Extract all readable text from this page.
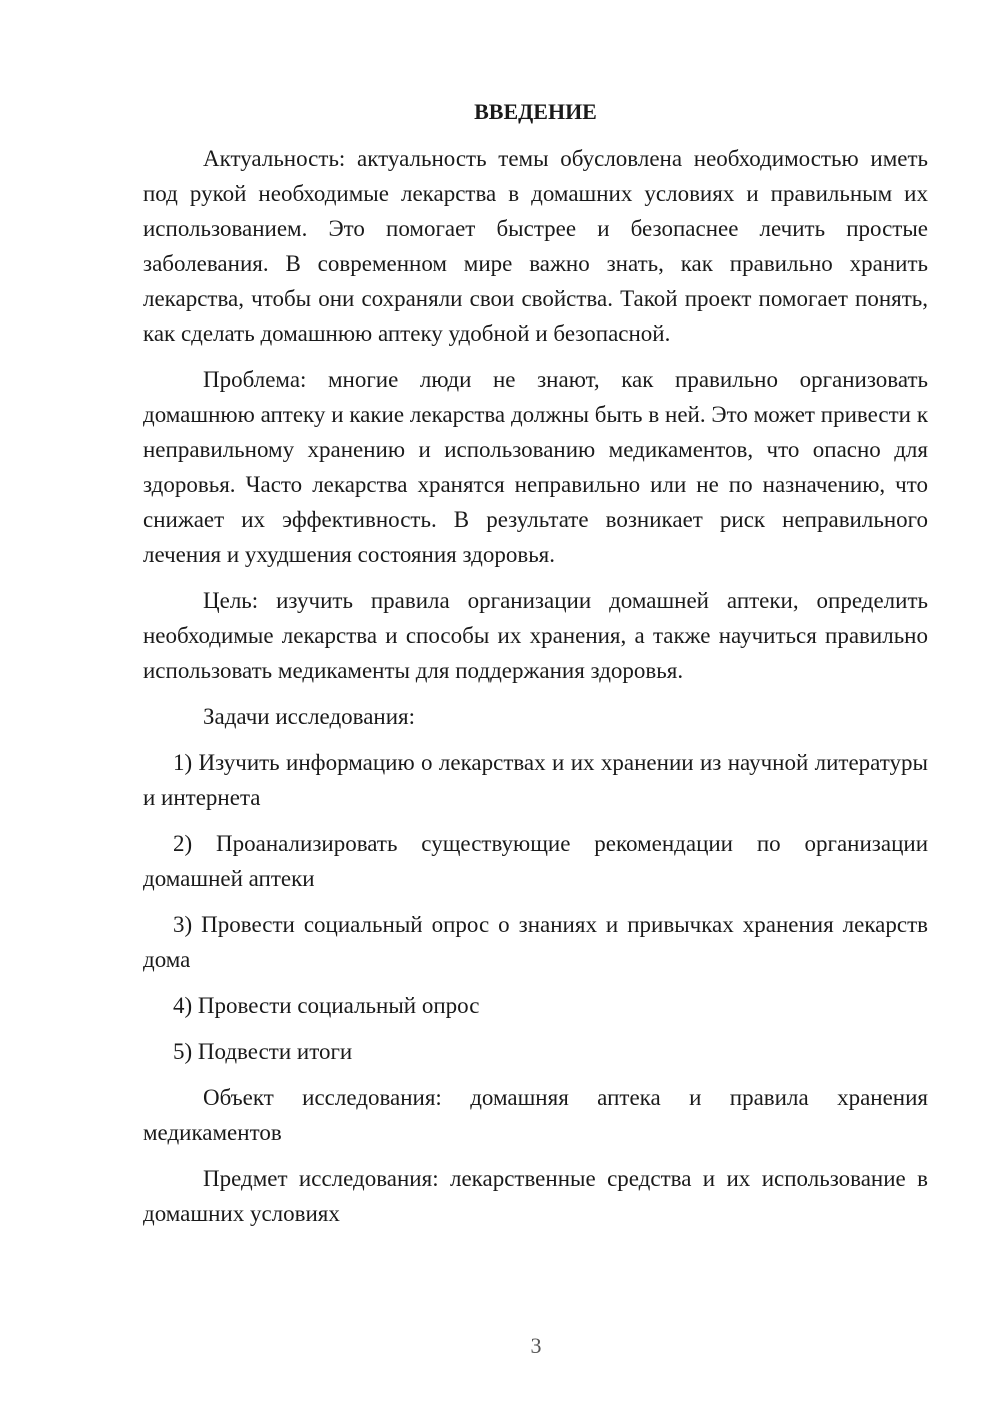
ВВЕДЕНИЕ

Актуальность: актуальность темы обусловлена необходимостью иметь под рукой необходимые лекарства в домашних условиях и правильным их использованием. Это помогает быстрее и безопаснее лечить простые заболевания. В современном мире важно знать, как правильно хранить лекарства, чтобы они сохраняли свои свойства. Такой проект помогает понять, как сделать домашнюю аптеку удобной и безопасной.

Проблема: многие люди не знают, как правильно организовать домашнюю аптеку и какие лекарства должны быть в ней. Это может привести к неправильному хранению и использованию медикаментов, что опасно для здоровья. Часто лекарства хранятся неправильно или не по назначению, что снижает их эффективность. В результате возникает риск неправильного лечения и ухудшения состояния здоровья.

Цель: изучить правила организации домашней аптеки, определить необходимые лекарства и способы их хранения, а также научиться правильно использовать медикаменты для поддержания здоровья.

Задачи исследования:

1) Изучить информацию о лекарствах и их хранении из научной литературы и интернета

2) Проанализировать существующие рекомендации по организации домашней аптеки

3) Провести социальный опрос о знаниях и привычках хранения лекарств дома

4) Провести социальный опрос

5) Подвести итоги

Объект исследования: домашняя аптека и правила хранения медикаментов

Предмет исследования: лекарственные средства и их использование в домашних условиях

3
